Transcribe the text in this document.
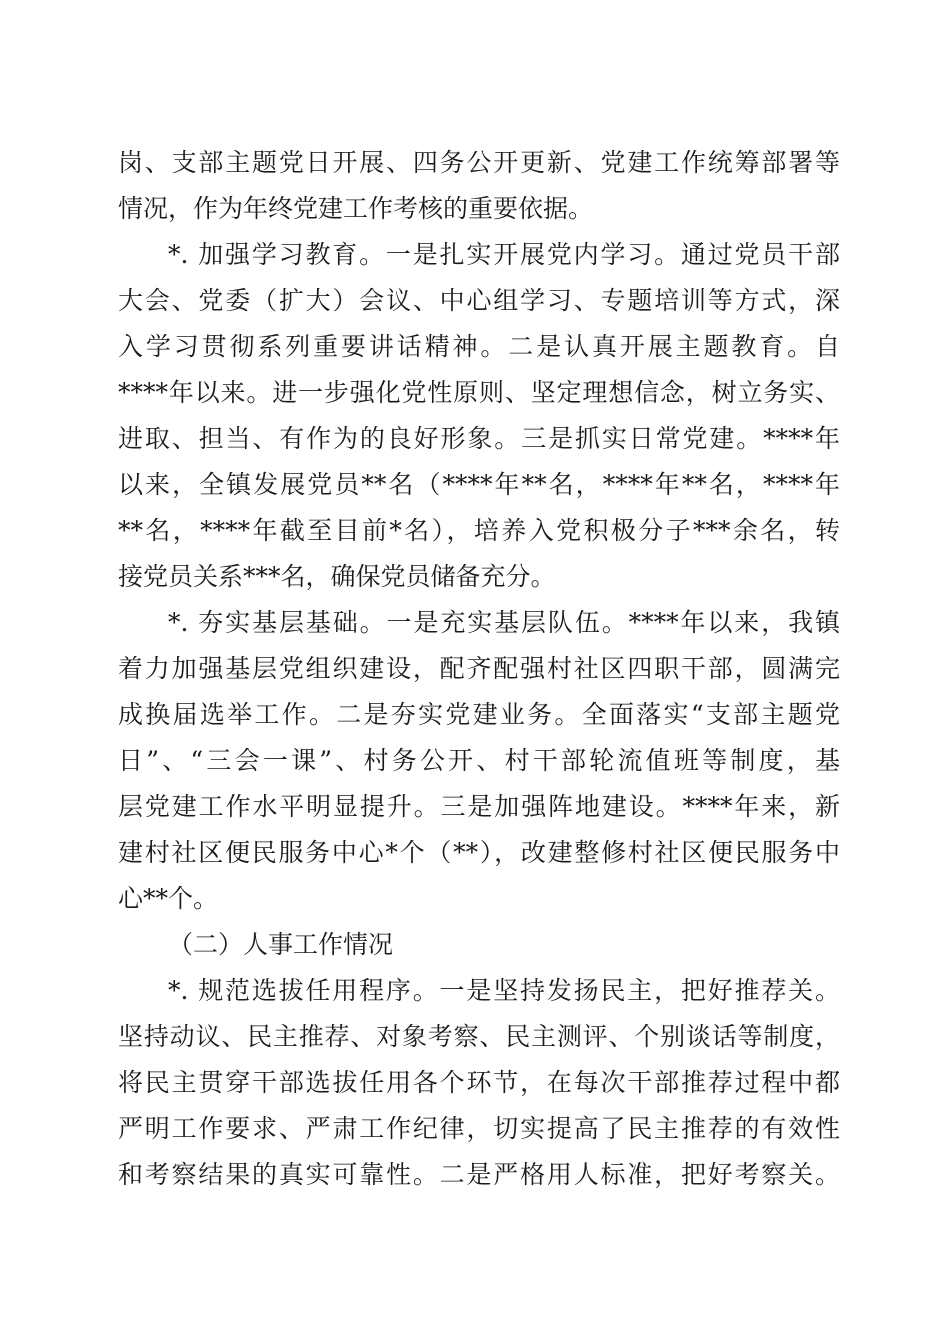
岗、支部主题党日开展、四务公开更新、党建工作统筹部署等
情况，作为年终党建工作考核的重要依据。
*. 加强学习教育。一是扎实开展党内学习。通过党员干部
大会、党委（扩大）会议、中心组学习、专题培训等方式，深
入学习贯彻系列重要讲话精神。二是认真开展主题教育。自
****年以来。进一步强化党性原则、坚定理想信念，树立务实、
进取、担当、有作为的良好形象。三是抓实日常党建。****年
以来，全镇发展党员**名（****年**名，****年**名，****年
**名，****年截至目前*名），培养入党积极分子***余名，转
接党员关系***名，确保党员储备充分。
*. 夯实基层基础。一是充实基层队伍。****年以来，我镇
着力加强基层党组织建设，配齐配强村社区四职干部，圆满完
成换届选举工作。二是夯实党建业务。全面落实“支部主题党
日”、“三会一课”、村务公开、村干部轮流值班等制度，基
层党建工作水平明显提升。三是加强阵地建设。****年来，新
建村社区便民服务中心*个（**），改建整修村社区便民服务中
心**个。
（二）人事工作情况
*. 规范选拔任用程序。一是坚持发扬民主，把好推荐关。
坚持动议、民主推荐、对象考察、民主测评、个别谈话等制度，
将民主贯穿干部选拔任用各个环节，在每次干部推荐过程中都
严明工作要求、严肃工作纪律，切实提高了民主推荐的有效性
和考察结果的真实可靠性。二是严格用人标准，把好考察关。
